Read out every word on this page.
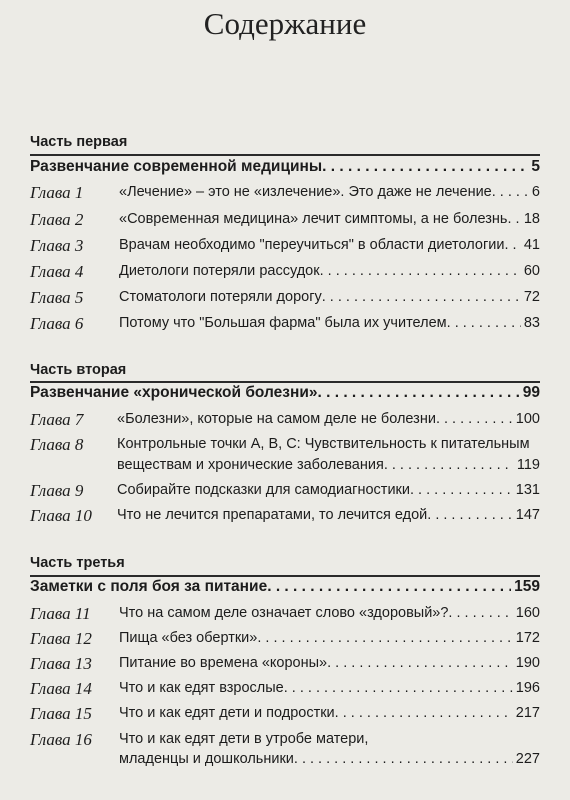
Содержание
Часть первая
Развенчание современной медицины . . .	5
Глава 1 «Лечение» – это не «излечение». Это даже не лечение . . .	6
Глава 2 «Современная медицина» лечит симптомы, а не болезнь . . . 18
Глава 3 Врачам необходимо "переучиться" в области диетологии . . . 41
Глава 4 Диетологи потеряли рассудок . . .	60
Глава 5 Стоматологи потеряли дорогу . . .	72
Глава 6 Потому что "Большая фарма" была их учителем . . .	83
Часть вторая
Развенчание «хронической болезни» . . .	99
Глава 7 «Болезни», которые на самом деле не болезни . . .	100
Глава 8 Контрольные точки A, B, C: Чувствительность к питательным
веществам и хронические заболевания . . .	119
Глава 9 Собирайте подсказки для самодиагностики . . .	131
Глава 10 Что не лечится препаратами, то лечится едой . . .	147
Часть третья
Заметки с поля боя за питание . . .	159
Глава 11 Что на самом деле означает слово «здоровый»? . . .	160
Глава 12 Пища «без обертки» . . .	172
Глава 13 Питание во времена «короны» . . .	190
Глава 14 Что и как едят взрослые . . .	196
Глава 15 Что и как едят дети и подростки . . .	217
Глава 16 Что и как едят дети в утробе матери,
младенцы и дошкольники . . .	227
